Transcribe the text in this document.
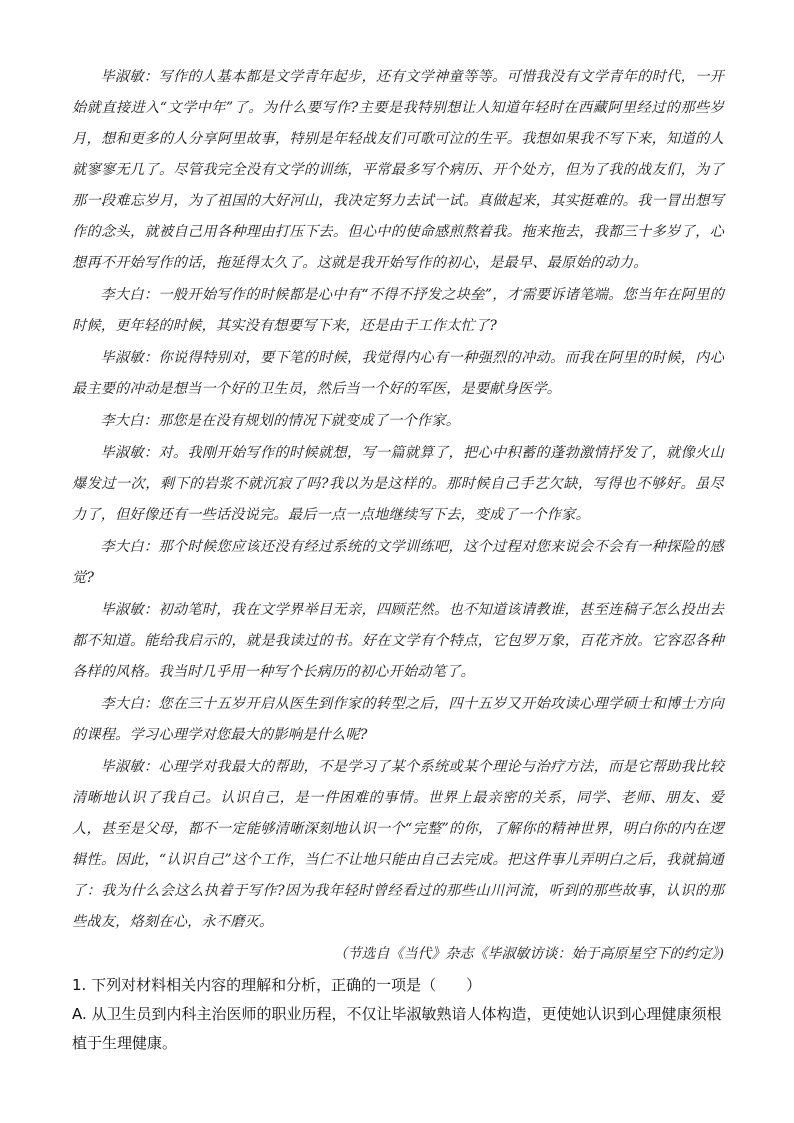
毕淑敏：写作的人基本都是文学青年起步，还有文学神童等等。可惜我没有文学青年的时代，一开始就直接进入“文学中年”了。为什么要写作?主要是我特别想让人知道年轻时在西藏阿里经过的那些岁月，想和更多的人分享阿里故事，特别是年轻战友们可歌可泣的生平。我想如果我不写下来，知道的人就寥寥无几了。尽管我完全没有文学的训练，平常最多写个病历、开个处方，但为了我的战友们，为了那一段难忘岁月，为了祖国的大好河山，我决定努力去试一试。真做起来，其实挺难的。我一冒出想写作的念头，就被自己用各种理由打压下去。但心中的使命感煎熬着我。拖来拖去，我都三十多岁了，心想再不开始写作的话，拖延得太久了。这就是我开始写作的初心，是最早、最原始的动力。

李大白：一般开始写作的时候都是心中有“不得不抒发之块垒”，才需要诉诸笔端。您当年在阿里的时候，更年轻的时候，其实没有想要写下来，还是由于工作太忙了?

毕淑敏：你说得特别对，要下笔的时候，我觉得内心有一种强烈的冲动。而我在阿里的时候，内心最主要的冲动是想当一个好的卫生员，然后当一个好的军医，是要献身医学。

李大白：那您是在没有规划的情况下就变成了一个作家。

毕淑敏：对。我刚开始写作的时候就想，写一篇就算了，把心中积蓄的蓬勃激情抒发了，就像火山爆发过一次，剩下的岩浆不就沉寂了吗?我以为是这样的。那时候自己手艺欠缺，写得也不够好。虽尽力了，但好像还有一些话没说完。最后一点一点地继续写下去，变成了一个作家。

李大白：那个时候您应该还没有经过系统的文学训练吧，这个过程对您来说会不会有一种探险的感觉?

毕淑敏：初动笔时，我在文学界举目无亲，四顾茫然。也不知道该请教谁，甚至连稿子怎么投出去都不知道。能给我启示的，就是我读过的书。好在文学有个特点，它包罗万象，百花齐放。它容忍各种各样的风格。我当时几乎用一种写个长病历的初心开始动笔了。

李大白：您在三十五岁开启从医生到作家的转型之后，四十五岁又开始攻读心理学硕士和博士方向的课程。学习心理学对您最大的影响是什么呢?

毕淑敏：心理学对我最大的帮助，不是学习了某个系统或某个理论与治疗方法，而是它帮助我比较清晰地认识了我自己。认识自己，是一件困难的事情。世界上最亲密的关系，同学、老师、朋友、爱人，甚至是父母，都不一定能够清晰深刻地认识一个“完整”的你，了解你的精神世界，明白你的内在逻辑性。因此，“认识自己”这个工作，当仁不让地只能由自己去完成。把这件事儿弄明白之后，我就搞通了：我为什么会这么执着于写作?因为我年轻时曾经看过的那些山川河流，听到的那些故事，认识的那些战友，烙刻在心，永不磨灭。

（节选自《当代》杂志《毕淑敏访谈：始于高原星空下的约定》)

1. 下列对材料相关内容的理解和分析，正确的一项是（　　）

A. 从卫生员到内科主治医师的职业历程，不仅让毕淑敏熟谙人体构造，更使她认识到心理健康须根植于生理健康。
